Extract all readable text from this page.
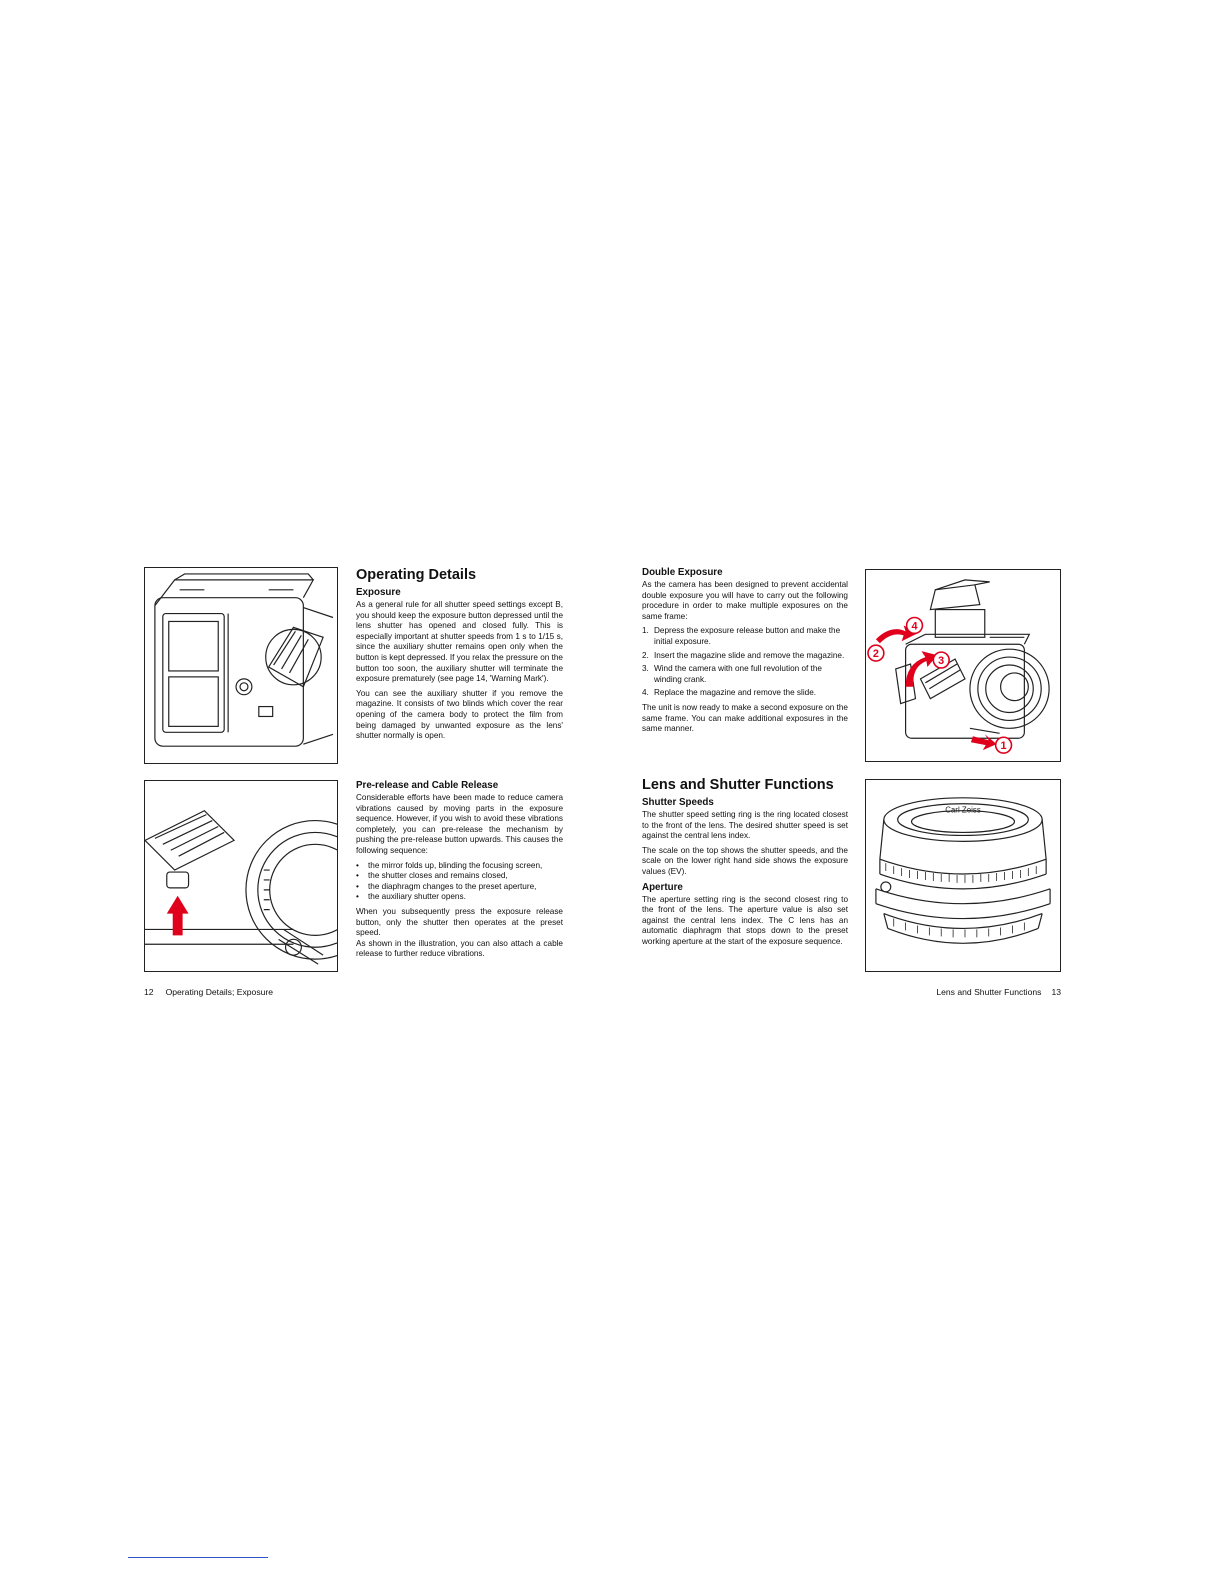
Operating Details
Exposure

As a general rule for all shutter speed settings except B, you should keep the exposure button depressed until the lens shutter has opened and closed fully. This is especially important at shutter speeds from 1 s to 1/15 s, since the auxiliary shutter remains open only when the button is kept depressed. If you relax the pressure on the button too soon, the auxiliary shutter will terminate the exposure prematurely (see page 14, 'Warning Mark').

You can see the auxiliary shutter if you remove the magazine. It consists of two blinds which cover the rear opening of the camera body to protect the film from being damaged by unwanted exposure as the lens' shutter normally is open.

Pre-release and Cable Release

Considerable efforts have been made to reduce camera vibrations caused by moving parts in the exposure sequence. However, if you wish to avoid these vibrations completely, you can pre-release the mechanism by pushing the pre-release button upwards. This causes the following sequence:

• the mirror folds up, blinding the focusing screen,
• the shutter closes and remains closed,
• the diaphragm changes to the preset aperture,
• the auxiliary shutter opens.

When you subsequently press the exposure release button, only the shutter then operates at the preset speed.

As shown in the illustration, you can also attach a cable release to further reduce vibrations.

12 Operating Details; Exposure
Double Exposure

As the camera has been designed to prevent accidental double exposure you will have to carry out the following procedure in order to make multiple exposures on the same frame:

1. Depress the exposure release button and make the initial exposure.
2. Insert the magazine slide and remove the magazine.
3. Wind the camera with one full revolution of the winding crank.
4. Replace the magazine and remove the slide.

The unit is now ready to make a second exposure on the same frame. You can make additional exposures in the same manner.

4
2
3
1
Lens and Shutter Functions
Shutter Speeds

The shutter speed setting ring is the ring located closest to the front of the lens. The desired shutter speed is set against the central lens index.

The scale on the top shows the shutter speeds, and the scale on the lower right hand side shows the exposure values (EV).

Aperture

The aperture setting ring is the second closest ring to the front of the lens. The aperture value is also set against the central lens index. The C lens has an automatic diaphragm that stops down to the preset working aperture at the start of the exposure sequence.

Carl Zeiss
Lens and Shutter Functions 13
